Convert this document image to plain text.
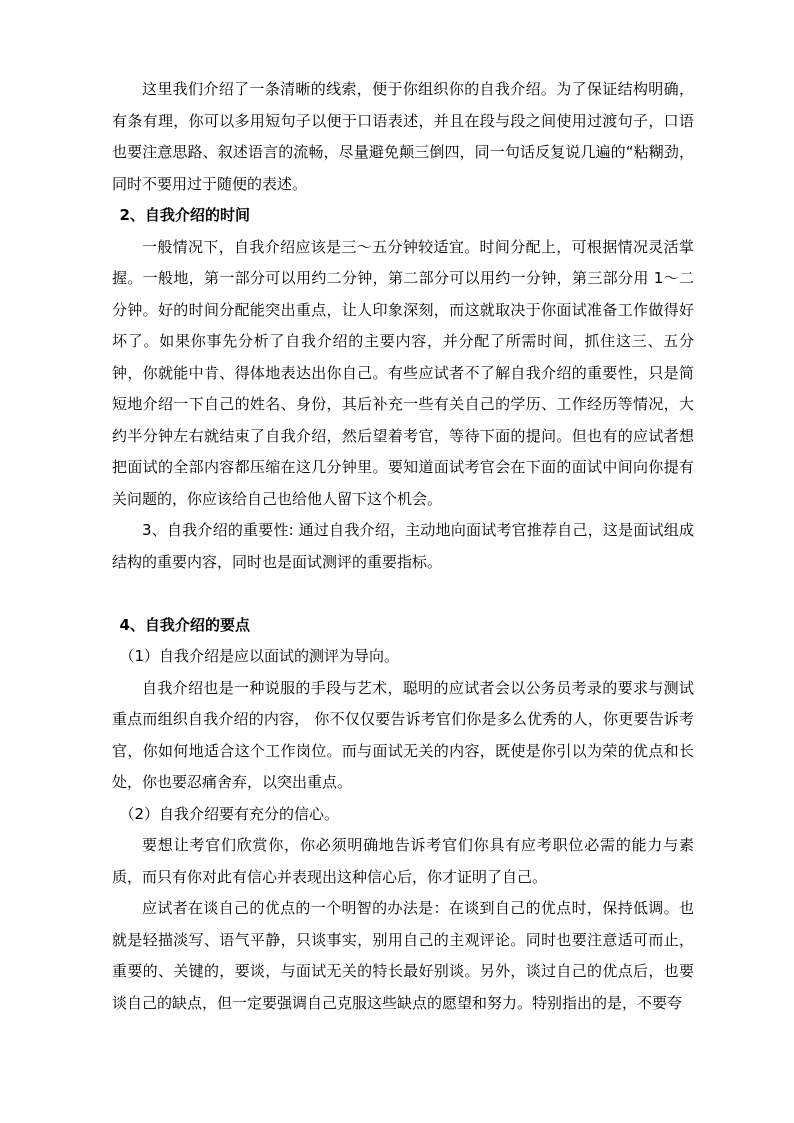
这里我们介绍了一条清晰的线索，便于你组织你的自我介绍。为了保证结构明确，有条有理，你可以多用短句子以便于口语表述，并且在段与段之间使用过渡句子，口语也要注意思路、叙述语言的流畅，尽量避免颠三倒四，同一句话反复说几遍的“粘糊劲，同时不要用过于随便的表述。

2、自我介绍的时间

一般情况下，自我介绍应该是三～五分钟较适宜。时间分配上，可根据情况灵活掌握。一般地，第一部分可以用约二分钟，第二部分可以用约一分钟，第三部分用 1～二分钟。好的时间分配能突出重点，让人印象深刻，而这就取决于你面试准备工作做得好坏了。如果你事先分析了自我介绍的主要内容，并分配了所需时间，抓住这三、五分钟，你就能中肯、得体地表达出你自己。有些应试者不了解自我介绍的重要性，只是简短地介绍一下自己的姓名、身份，其后补充一些有关自己的学历、工作经历等情况，大约半分钟左右就结束了自我介绍，然后望着考官，等待下面的提问。但也有的应试者想把面试的全部内容都压缩在这几分钟里。要知道面试考官会在下面的面试中间向你提有关问题的，你应该给自己也给他人留下这个机会。

3、自我介绍的重要性: 通过自我介绍，主动地向面试考官推荐自己，这是面试组成结构的重要内容，同时也是面试测评的重要指标。

4、自我介绍的要点

（1）自我介绍是应以面试的测评为导向。

自我介绍也是一种说服的手段与艺术，聪明的应试者会以公务员考录的要求与测试重点而组织自我介绍的内容， 你不仅仅要告诉考官们你是多么优秀的人，你更要告诉考官，你如何地适合这个工作岗位。而与面试无关的内容，既使是你引以为荣的优点和长处，你也要忍痛舍弃，以突出重点。

（2）自我介绍要有充分的信心。

要想让考官们欣赏你，你必须明确地告诉考官们你具有应考职位必需的能力与素质，而只有你对此有信心并表现出这种信心后，你才证明了自己。

应试者在谈自己的优点的一个明智的办法是：在谈到自己的优点时，保持低调。也就是轻描淡写、语气平静，只谈事实，别用自己的主观评论。同时也要注意适可而止，重要的、关键的，要谈，与面试无关的特长最好别谈。另外，谈过自己的优点后，也要谈自己的缺点，但一定要强调自己克服这些缺点的愿望和努力。特别指出的是，不要夸
